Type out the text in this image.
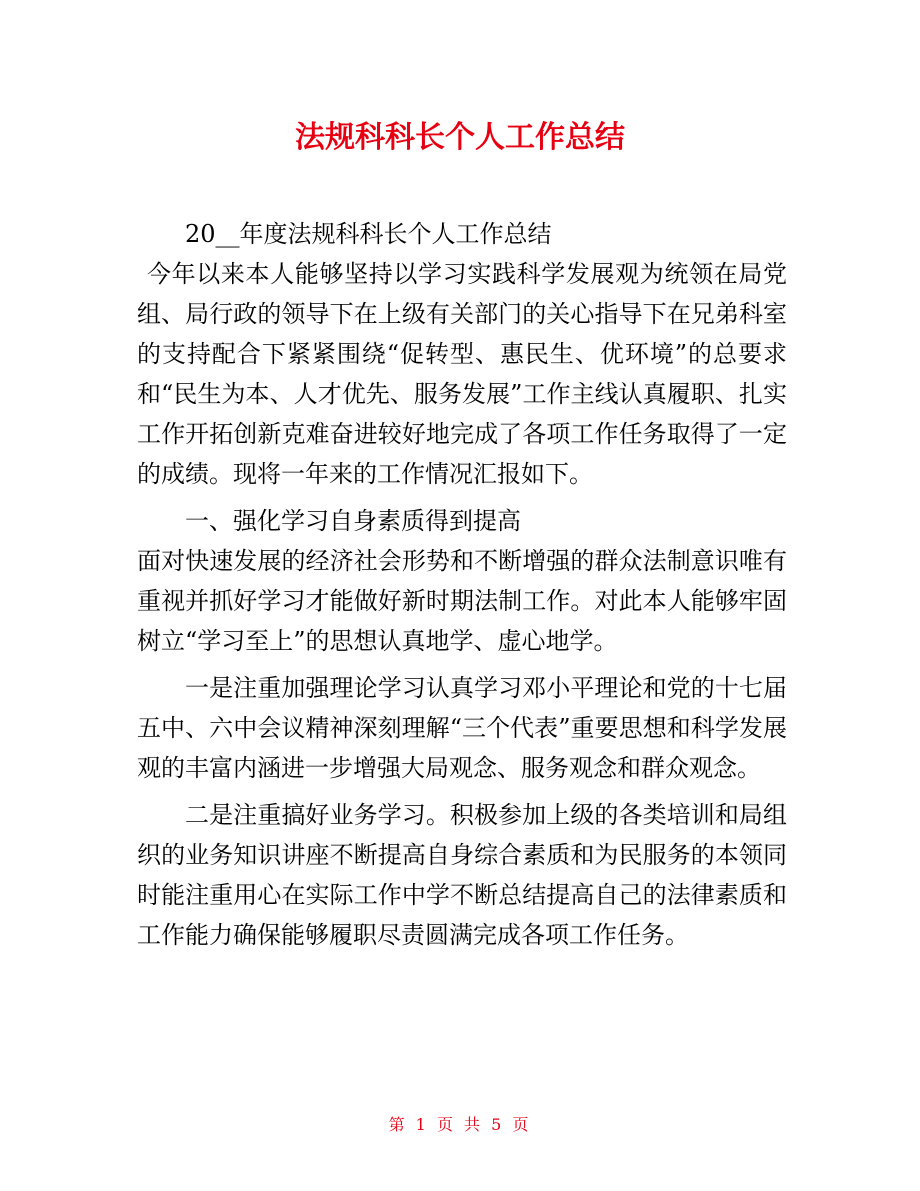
法规科科长个人工作总结

20__年度法规科科长个人工作总结

今年以来本人能够坚持以学习实践科学发展观为统领在局党组、局行政的领导下在上级有关部门的关心指导下在兄弟科室的支持配合下紧紧围绕“促转型、惠民生、优环境”的总要求和“民生为本、人才优先、服务发展”工作主线认真履职、扎实工作开拓创新克难奋进较好地完成了各项工作任务取得了一定的成绩。现将一年来的工作情况汇报如下。

一、强化学习自身素质得到提高

面对快速发展的经济社会形势和不断增强的群众法制意识唯有重视并抓好学习才能做好新时期法制工作。对此本人能够牢固树立“学习至上”的思想认真地学、虚心地学。

一是注重加强理论学习认真学习邓小平理论和党的十七届五中、六中会议精神深刻理解“三个代表”重要思想和科学发展观的丰富内涵进一步增强大局观念、服务观念和群众观念。

二是注重搞好业务学习。积极参加上级的各类培训和局组织的业务知识讲座不断提高自身综合素质和为民服务的本领同时能注重用心在实际工作中学不断总结提高自己的法律素质和工作能力确保能够履职尽责圆满完成各项工作任务。

第 1 页 共 5 页
